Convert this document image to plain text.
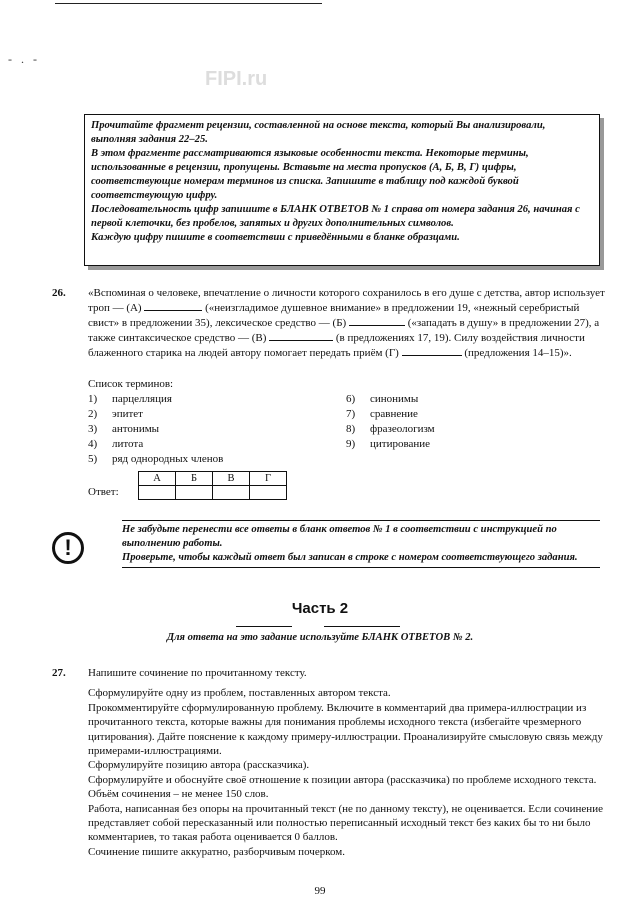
- . -
FIPI.ru

Прочитайте фрагмент рецензии, составленной на основе текста, который Вы анализировали, выполняя задания 22–25.

В этом фрагменте рассматриваются языковые особенности текста. Некоторые термины, использованные в рецензии, пропущены. Вставьте на места пропусков (А, Б, В, Г) цифры, соответствующие номерам терминов из списка. Запишите в таблицу под каждой буквой соответствующую цифру.

Последовательность цифр запишите в БЛАНК ОТВЕТОВ № 1 справа от номера задания 26, начиная с первой клеточки, без пробелов, запятых и других дополнительных символов.

Каждую цифру пишите в соответствии с приведёнными в бланке образцами.

26. «Вспоминая о человеке, впечатление о личности которого сохранилось в его душе с детства, автор использует троп — (А)	(«неизгладимое душевное внимание» в предложении 19, «нежный серебристый свист» в предложении 35), лексическое средство — (Б)	(«западать в душу» в предложении 27), а также синтаксическое средство — (В)	(в предложениях 17, 19). Силу воздействия личности блаженного старика на людей автору помогает передать приём (Г)	(предложения 14–15)».
Список терминов:
1) парцелляция
2) эпитет
3) антонимы
4) литота
5) ряд однородных членов
6) синонимы
7) сравнение
8) фразеологизм
9) цитирование
Ответ:
А	Б	В	Г

!

Не забудьте перенести все ответы в бланк ответов № 1 в соответствии с инструкцией по выполнению работы.

Проверьте, чтобы каждый ответ был записан в строке с номером соответствующего задания.

Часть 2
Для ответа на это задание используйте БЛАНК ОТВЕТОВ № 2.
27. Напишите сочинение по прочитанному тексту.

Сформулируйте одну из проблем, поставленных автором текста.

Прокомментируйте сформулированную проблему. Включите в комментарий два примера-иллюстрации из прочитанного текста, которые важны для понимания проблемы исходного текста (избегайте чрезмерного цитирования). Дайте пояснение к каждому примеру-иллюстрации. Проанализируйте смысловую связь между примерами-иллюстрациями.

Сформулируйте позицию автора (рассказчика).

Сформулируйте и обоснуйте своё отношение к позиции автора (рассказчика) по проблеме исходного текста.

Объём сочинения – не менее 150 слов.

Работа, написанная без опоры на прочитанный текст (не по данному тексту), не оценивается. Если сочинение представляет собой пересказанный или полностью переписанный исходный текст без каких бы то ни было комментариев, то такая работа оценивается 0 баллов.

Сочинение пишите аккуратно, разборчивым почерком.

99
